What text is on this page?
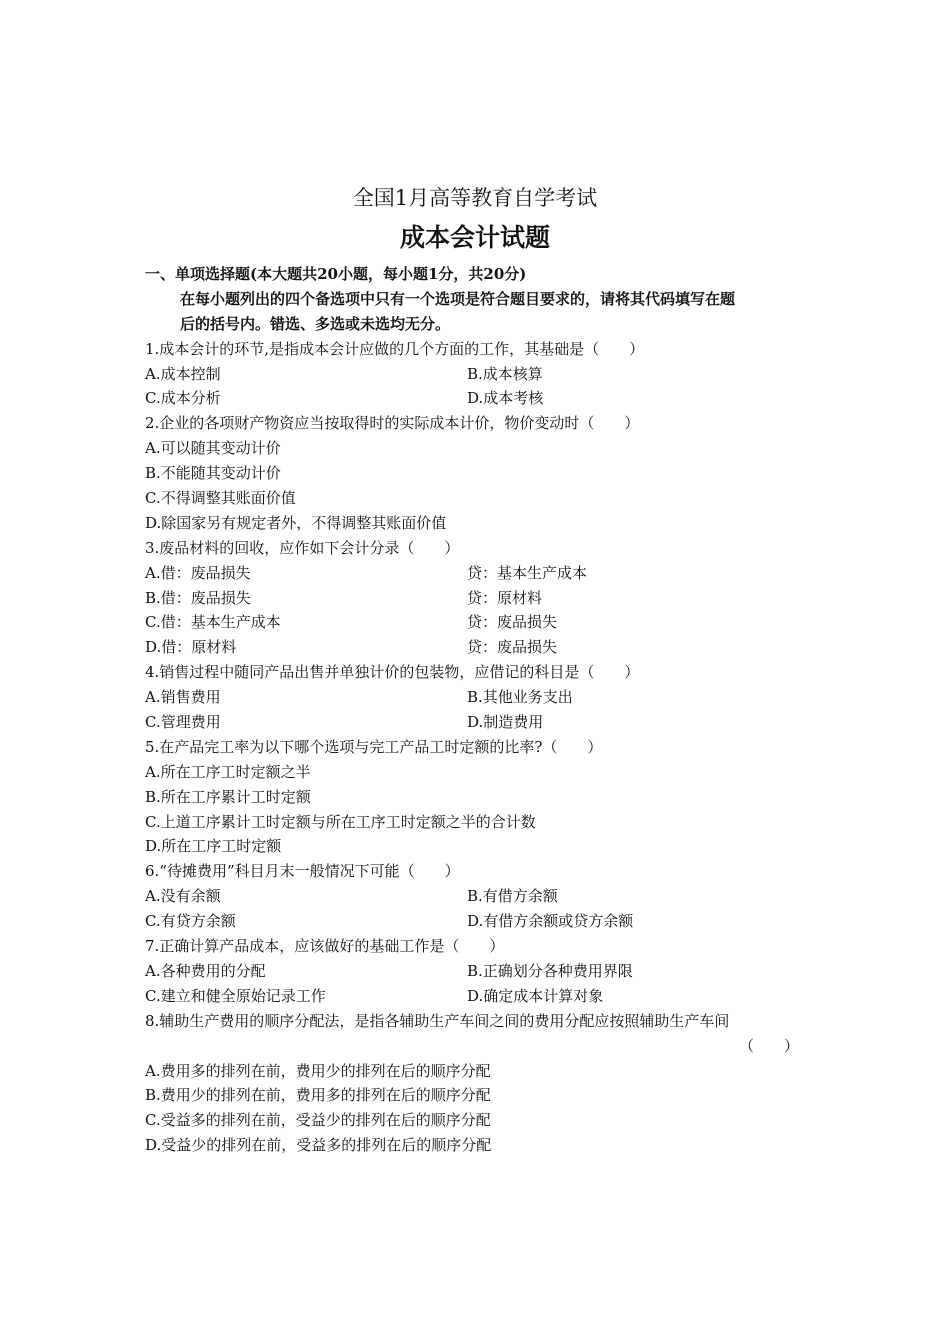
全国1月高等教育自学考试
成本会计试题
一、单项选择题(本大题共20小题，每小题1分，共20分)
在每小题列出的四个备选项中只有一个选项是符合题目要求的，请将其代码填写在题
后的括号内。错选、多选或未选均无分。
1.成本会计的环节,是指成本会计应做的几个方面的工作，其基础是（　　）
A.成本控制	B.成本核算
C.成本分析	D.成本考核
2.企业的各项财产物资应当按取得时的实际成本计价，物价变动时（　　）
A.可以随其变动计价
B.不能随其变动计价
C.不得调整其账面价值
D.除国家另有规定者外，不得调整其账面价值
3.废品材料的回收，应作如下会计分录（　　）
A.借：废品损失	贷：基本生产成本
B.借：废品损失	贷：原材料
C.借：基本生产成本	贷：废品损失
D.借：原材料	贷：废品损失
4.销售过程中随同产品出售并单独计价的包装物，应借记的科目是（　　）
A.销售费用	B.其他业务支出
C.管理费用	D.制造费用
5.在产品完工率为以下哪个选项与完工产品工时定额的比率?（　　）
A.所在工序工时定额之半
B.所在工序累计工时定额
C.上道工序累计工时定额与所在工序工时定额之半的合计数
D.所在工序工时定额
6.“待摊费用”科目月末一般情况下可能（　　）
A.没有余额	B.有借方余额
C.有贷方余额	D.有借方余额或贷方余额
7.正确计算产品成本，应该做好的基础工作是（　　）
A.各种费用的分配	B.正确划分各种费用界限
C.建立和健全原始记录工作	D.确定成本计算对象
8.辅助生产费用的顺序分配法，是指各辅助生产车间之间的费用分配应按照辅助生产车间
（　　）
A.费用多的排列在前，费用少的排列在后的顺序分配
B.费用少的排列在前，费用多的排列在后的顺序分配
C.受益多的排列在前，受益少的排列在后的顺序分配
D.受益少的排列在前，受益多的排列在后的顺序分配
